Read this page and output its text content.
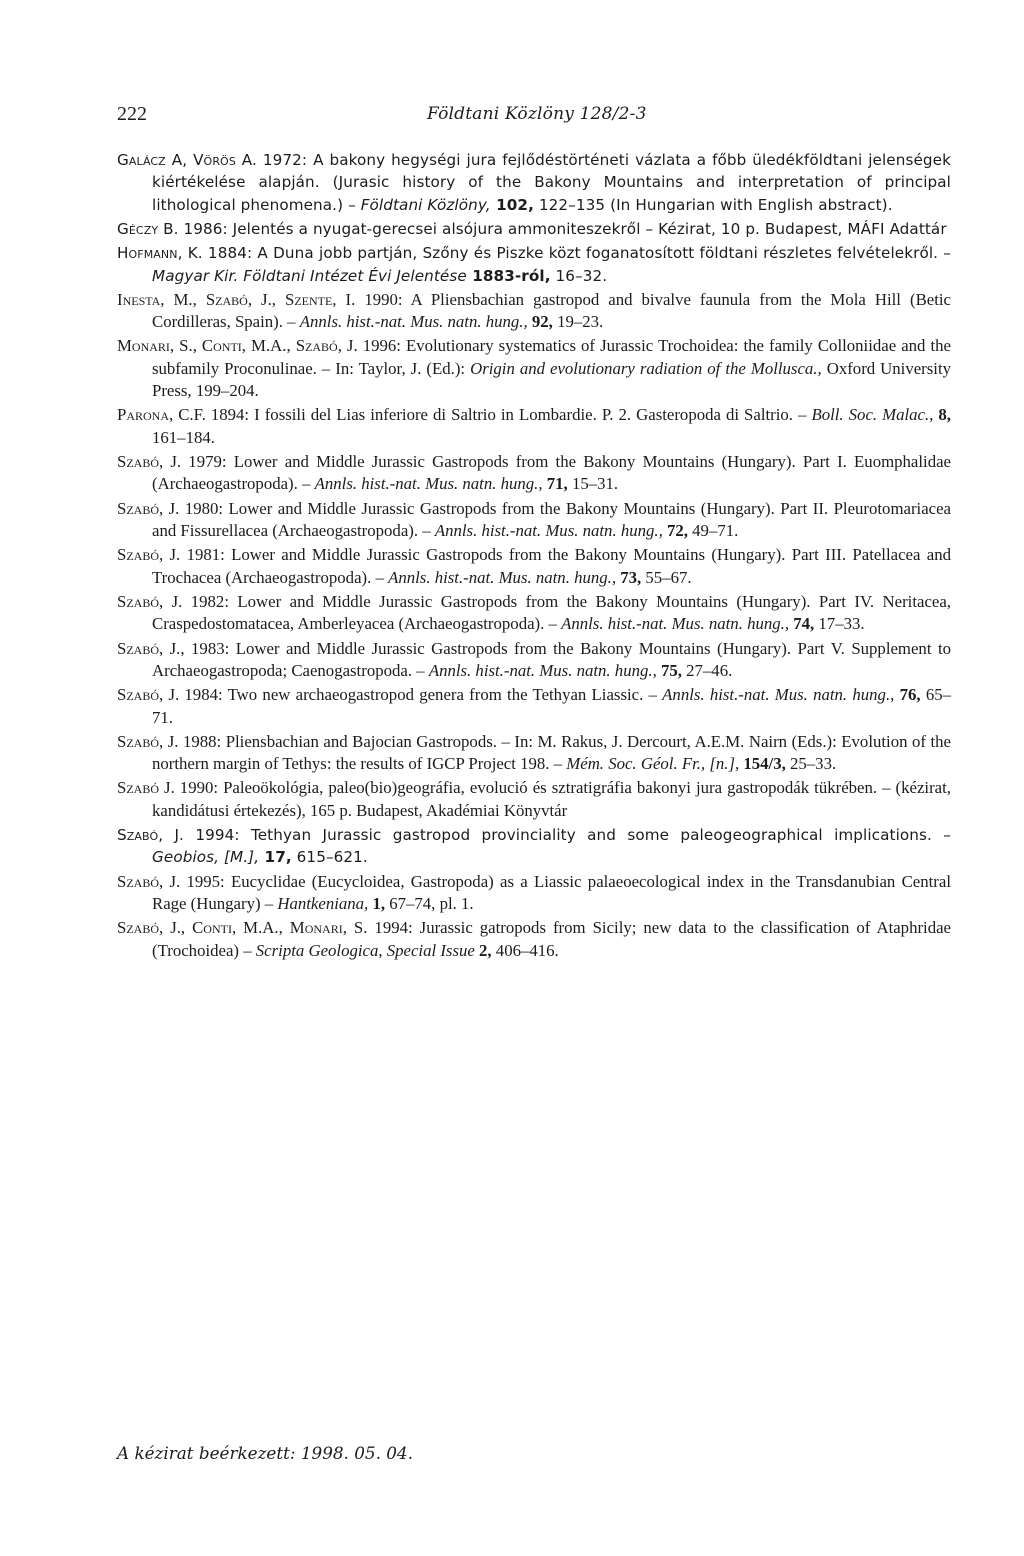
222	Földtani Közlöny 128/2-3

Galácz A, Vörös A. 1972: A bakony hegységi jura fejlődéstörténeti vázlata a főbb üledékföldtani jelenségek kiértékelése alapján. (Jurasic history of the Bakony Mountains and interpretation of principal lithological phenomena.) – Földtani Közlöny, 102, 122–135 (In Hungarian with English abstract).

Géczy B. 1986: Jelentés a nyugat-gerecsei alsójura ammoniteszekről – Kézirat, 10 p. Budapest, MÁFI Adattár

Hofmann, K. 1884: A Duna jobb partján, Szőny és Piszke közt foganatosított földtani részletes felvételekről. – Magyar Kir. Földtani Intézet Évi Jelentése 1883-ról, 16–32.

Inesta, M., Szabó, J., Szente, I. 1990: A Pliensbachian gastropod and bivalve faunula from the Mola Hill (Betic Cordilleras, Spain). – Annls. hist.-nat. Mus. natn. hung., 92, 19–23.

Monari, S., Conti, M.A., Szabó, J. 1996: Evolutionary systematics of Jurassic Trochoidea: the family Colloniidae and the subfamily Proconulinae. – In: Taylor, J. (Ed.): Origin and evolutionary radiation of the Mollusca., Oxford University Press, 199–204.

Parona, C.F. 1894: I fossili del Lias inferiore di Saltrio in Lombardie. P. 2. Gasteropoda di Saltrio. – Boll. Soc. Malac., 8, 161–184.

Szabó, J. 1979: Lower and Middle Jurassic Gastropods from the Bakony Mountains (Hungary). Part I. Euomphalidae (Archaeogastropoda). – Annls. hist.-nat. Mus. natn. hung., 71, 15–31.

Szabó, J. 1980: Lower and Middle Jurassic Gastropods from the Bakony Mountains (Hungary). Part II. Pleurotomariacea and Fissurellacea (Archaeogastropoda). – Annls. hist.-nat. Mus. natn. hung., 72, 49–71.

Szabó, J. 1981: Lower and Middle Jurassic Gastropods from the Bakony Mountains (Hungary). Part III. Patellacea and Trochacea (Archaeogastropoda). – Annls. hist.-nat. Mus. natn. hung., 73, 55–67.

Szabó, J. 1982: Lower and Middle Jurassic Gastropods from the Bakony Mountains (Hungary). Part IV. Neritacea, Craspedostomatacea, Amberleyacea (Archaeogastropoda). – Annls. hist.-nat. Mus. natn. hung., 74, 17–33.

Szabó, J., 1983: Lower and Middle Jurassic Gastropods from the Bakony Mountains (Hungary). Part V. Supplement to Archaeogastropoda; Caenogastropoda. – Annls. hist.-nat. Mus. natn. hung., 75, 27–46.

Szabó, J. 1984: Two new archaeogastropod genera from the Tethyan Liassic. – Annls. hist.-nat. Mus. natn. hung., 76, 65–71.

Szabó, J. 1988: Pliensbachian and Bajocian Gastropods. – In: M. Rakus, J. Dercourt, A.E.M. Nairn (Eds.): Evolution of the northern margin of Tethys: the results of IGCP Project 198. – Mém. Soc. Géol. Fr., [n.], 154/3, 25–33.

Szabó J. 1990: Paleoökológia, paleo(bio)geográfia, evolució és sztratigráfia bakonyi jura gastropodák tükrében. – (kézirat, kandidátusi értekezés), 165 p. Budapest, Akadémiai Könyvtár

Szabó, J. 1994: Tethyan Jurassic gastropod provinciality and some paleogeographical implications. – Geobios, [M.], 17, 615–621.

Szabó, J. 1995: Eucyclidae (Eucycloidea, Gastropoda) as a Liassic palaeoecological index in the Transdanubian Central Rage (Hungary) – Hantkeniana, 1, 67–74, pl. 1.

Szabó, J., Conti, M.A., Monari, S. 1994: Jurassic gatropods from Sicily; new data to the classification of Ataphridae (Trochoidea) – Scripta Geologica, Special Issue 2, 406–416.

A kézirat beérkezett: 1998. 05. 04.
